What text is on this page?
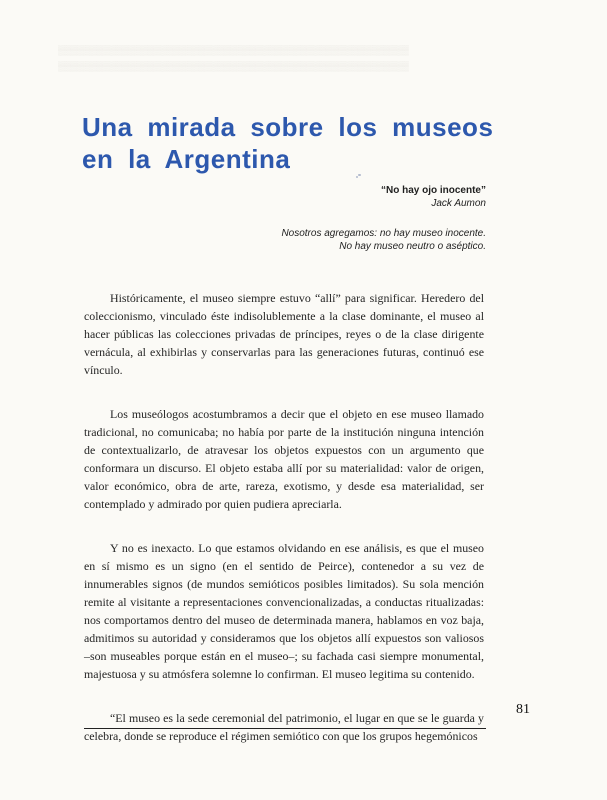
▒▒▒▒▒▒▒▒▒▒▒▒▒▒▒▒▒▒▒▒▒▒▒▒▒▒▒▒▒▒▒▒▒▒▒▒▒▒▒▒▒▒▒▒▒▒▒▒▒▒▒▒▒▒▒
▒▒▒▒▒▒▒▒▒▒▒▒▒▒▒▒▒▒▒▒▒▒▒▒▒▒▒▒▒▒▒▒▒▒▒▒▒▒▒▒▒▒▒▒▒▒▒▒▒▒▒▒▒▒▒
Una mirada sobre los museos
en la Argentina
“No hay ojo inocente”
Jack Aumon
Nosotros agregamos: no hay museo inocente.
No hay museo neutro o aséptico.

Históricamente, el museo siempre estuvo “allí” para significar. Heredero del coleccionismo, vinculado éste indisolublemente a la clase dominante, el museo al hacer públicas las colecciones privadas de príncipes, reyes o de la clase dirigente vernácula, al exhibirlas y conservarlas para las generaciones futuras, continuó ese vínculo.

Los museólogos acostumbramos a decir que el objeto en ese museo llamado tradicional, no comunicaba; no había por parte de la institución ninguna intención de contextualizarlo, de atravesar los objetos expuestos con un argumento que conformara un discurso. El objeto estaba allí por su materialidad: valor de origen, valor económico, obra de arte, rareza, exotismo, y desde esa materialidad, ser contemplado y admirado por quien pudiera apreciarla.

Y no es inexacto. Lo que estamos olvidando en ese análisis, es que el museo en sí mismo es un signo (en el sentido de Peirce), contenedor a su vez de innumerables signos (de mundos semióticos posibles limitados). Su sola mención remite al visitante a representaciones convencionalizadas, a conductas ritualizadas: nos comportamos dentro del museo de determinada manera, hablamos en voz baja, admitimos su autoridad y consideramos que los objetos allí expuestos son valiosos –son museables porque están en el museo–; su fachada casi siempre monumental, majestuosa y su atmósfera solemne lo confirman. El museo legitima su contenido.

“El museo es la sede ceremonial del patrimonio, el lugar en que se le guarda y celebra, donde se reproduce el régimen semiótico con que los grupos hegemónicos

81
